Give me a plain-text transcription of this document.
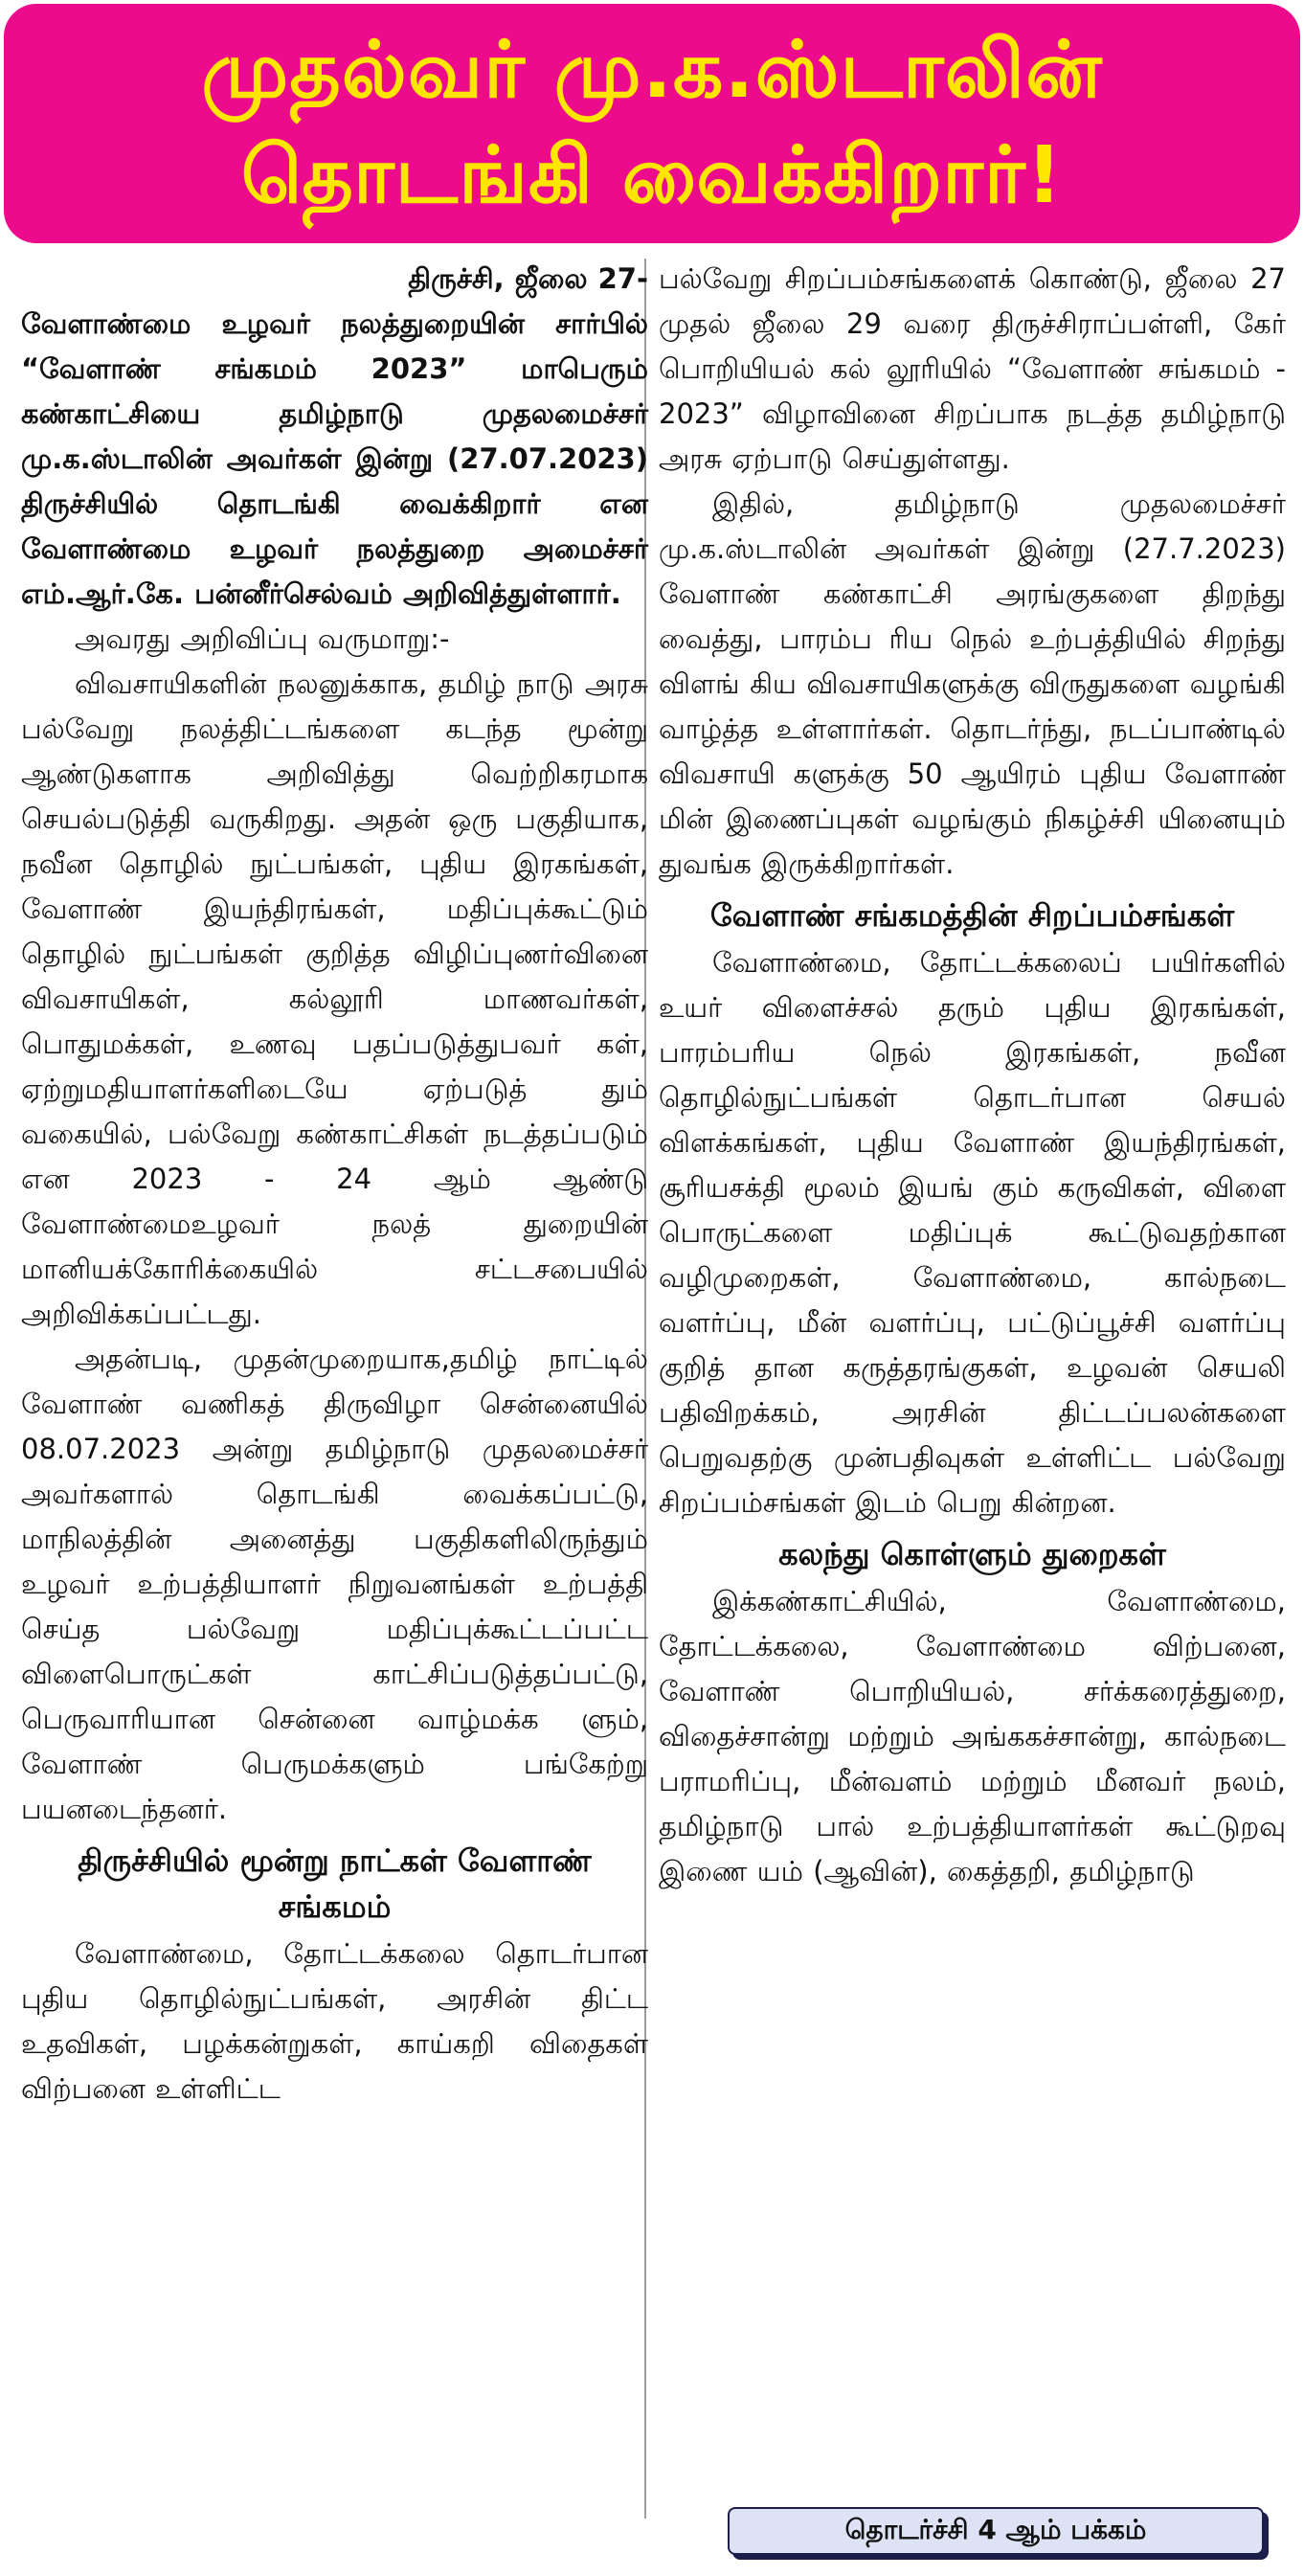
முதல்வர் மு.க.ஸ்டாலின்
தொடங்கி வைக்கிறார்!

திருச்சி, ஜீலை 27-

வேளாண்மை உழவர் நலத்துறையின் சார்பில் “வேளாண் சங்கமம் 2023” மாபெரும் கண்காட்சியை தமிழ்நாடு முதலமைச்சர் மு.க.ஸ்டாலின் அவர்கள் இன்று (27.07.2023) திருச்சியில் தொடங்கி வைக்கிறார் என வேளாண்மை உழவர் நலத்துறை அமைச்சர் எம்.ஆர்.கே. பன்னீர்செல்வம் அறிவித்துள்ளார்.

அவரது அறிவிப்பு வருமாறு:-

விவசாயிகளின் நலனுக்காக, தமிழ் நாடு அரசு பல்வேறு நலத்திட்டங்களை கடந்த மூன்று ஆண்டுகளாக அறிவித்து வெற்றிகரமாக செயல்படுத்தி வருகிறது. அதன் ஒரு பகுதியாக, நவீன தொழில் நுட்பங்கள், புதிய இரகங்கள், வேளாண் இயந்திரங்கள், மதிப்புக்கூட்டும் தொழில் நுட்பங்கள் குறித்த விழிப்புணர்வினை விவசாயிகள், கல்லூரி மாணவர்கள், பொதுமக்கள், உணவு பதப்படுத்துபவர் கள், ஏற்றுமதியாளர்களிடையே ஏற்படுத் தும் வகையில், பல்வேறு கண்காட்சிகள் நடத்தப்படும் என 2023 - 24 ஆம் ஆண்டு வேளாண்மைஉழவர் நலத் துறையின் மானியக்கோரிக்கையில் சட்டசபையில் அறிவிக்கப்பட்டது.

அதன்படி, முதன்முறையாக,தமிழ் நாட்டில் வேளாண் வணிகத் திருவிழா சென்னையில் 08.07.2023 அன்று தமிழ்நாடு முதலமைச்சர் அவர்களால் தொடங்கி வைக்கப்பட்டு, மாநிலத்தின் அனைத்து பகுதிகளிலிருந்தும் உழவர் உற்பத்தியாளர் நிறுவனங்கள் உற்பத்தி செய்த பல்வேறு மதிப்புக்கூட்டப்பட்ட விளைபொருட்கள் காட்சிப்படுத்தப்பட்டு, பெருவாரியான சென்னை வாழ்மக்க ளும், வேளாண் பெருமக்களும் பங்கேற்று பயனடைந்தனர்.

திருச்சியில் மூன்று நாட்கள் வேளாண் சங்கமம்

வேளாண்மை, தோட்டக்கலை தொடர்பான புதிய தொழில்நுட்பங்கள், அரசின் திட்ட உதவிகள், பழக்கன்றுகள், காய்கறி விதைகள் விற்பனை உள்ளிட்ட

பல்வேறு சிறப்பம்சங்களைக் கொண்டு, ஜீலை 27 முதல் ஜீலை 29 வரை திருச்சிராப்பள்ளி, கேர் பொறியியல் கல் லூரியில் “வேளாண் சங்கமம் - 2023” விழாவினை சிறப்பாக நடத்த தமிழ்நாடு அரசு ஏற்பாடு செய்துள்ளது.

இதில், தமிழ்நாடு முதலமைச்சர் மு.க.ஸ்டாலின் அவர்கள் இன்று (27.7.2023) வேளாண் கண்காட்சி அரங்குகளை திறந்து வைத்து, பாரம்ப ரிய நெல் உற்பத்தியில் சிறந்து விளங் கிய விவசாயிகளுக்கு விருதுகளை வழங்கி வாழ்த்த உள்ளார்கள். தொடர்ந்து, நடப்பாண்டில் விவசாயி களுக்கு 50 ஆயிரம் புதிய வேளாண் மின் இணைப்புகள் வழங்கும் நிகழ்ச்சி யினையும் துவங்க இருக்கிறார்கள்.

வேளாண் சங்கமத்தின் சிறப்பம்சங்கள்

வேளாண்மை, தோட்டக்கலைப் பயிர்களில் உயர் விளைச்சல் தரும் புதிய இரகங்கள், பாரம்பரிய நெல் இரகங்கள், நவீன தொழில்நுட்பங்கள் தொடர்பான செயல் விளக்கங்கள், புதிய வேளாண் இயந்திரங்கள், சூரியசக்தி மூலம் இயங் கும் கருவிகள், விளை பொருட்களை மதிப்புக் கூட்டுவதற்கான வழிமுறைகள், வேளாண்மை, கால்நடை வளர்ப்பு, மீன் வளர்ப்பு, பட்டுப்பூச்சி வளர்ப்பு குறித் தான கருத்தரங்குகள், உழவன் செயலி பதிவிறக்கம், அரசின் திட்டப்பலன்களை பெறுவதற்கு முன்பதிவுகள் உள்ளிட்ட பல்வேறு சிறப்பம்சங்கள் இடம் பெறு கின்றன.

கலந்து கொள்ளும் துறைகள்

இக்கண்காட்சியில், வேளாண்மை, தோட்டக்கலை, வேளாண்மை விற்பனை, வேளாண் பொறியியல், சர்க்கரைத்துறை, விதைச்சான்று மற்றும் அங்ககச்சான்று, கால்நடை பராமரிப்பு, மீன்வளம் மற்றும் மீனவர் நலம், தமிழ்நாடு பால் உற்பத்தியாளர்கள் கூட்டுறவு இணை யம் (ஆவின்), கைத்தறி, தமிழ்நாடு

தொடர்ச்சி 4 ஆம் பக்கம்
